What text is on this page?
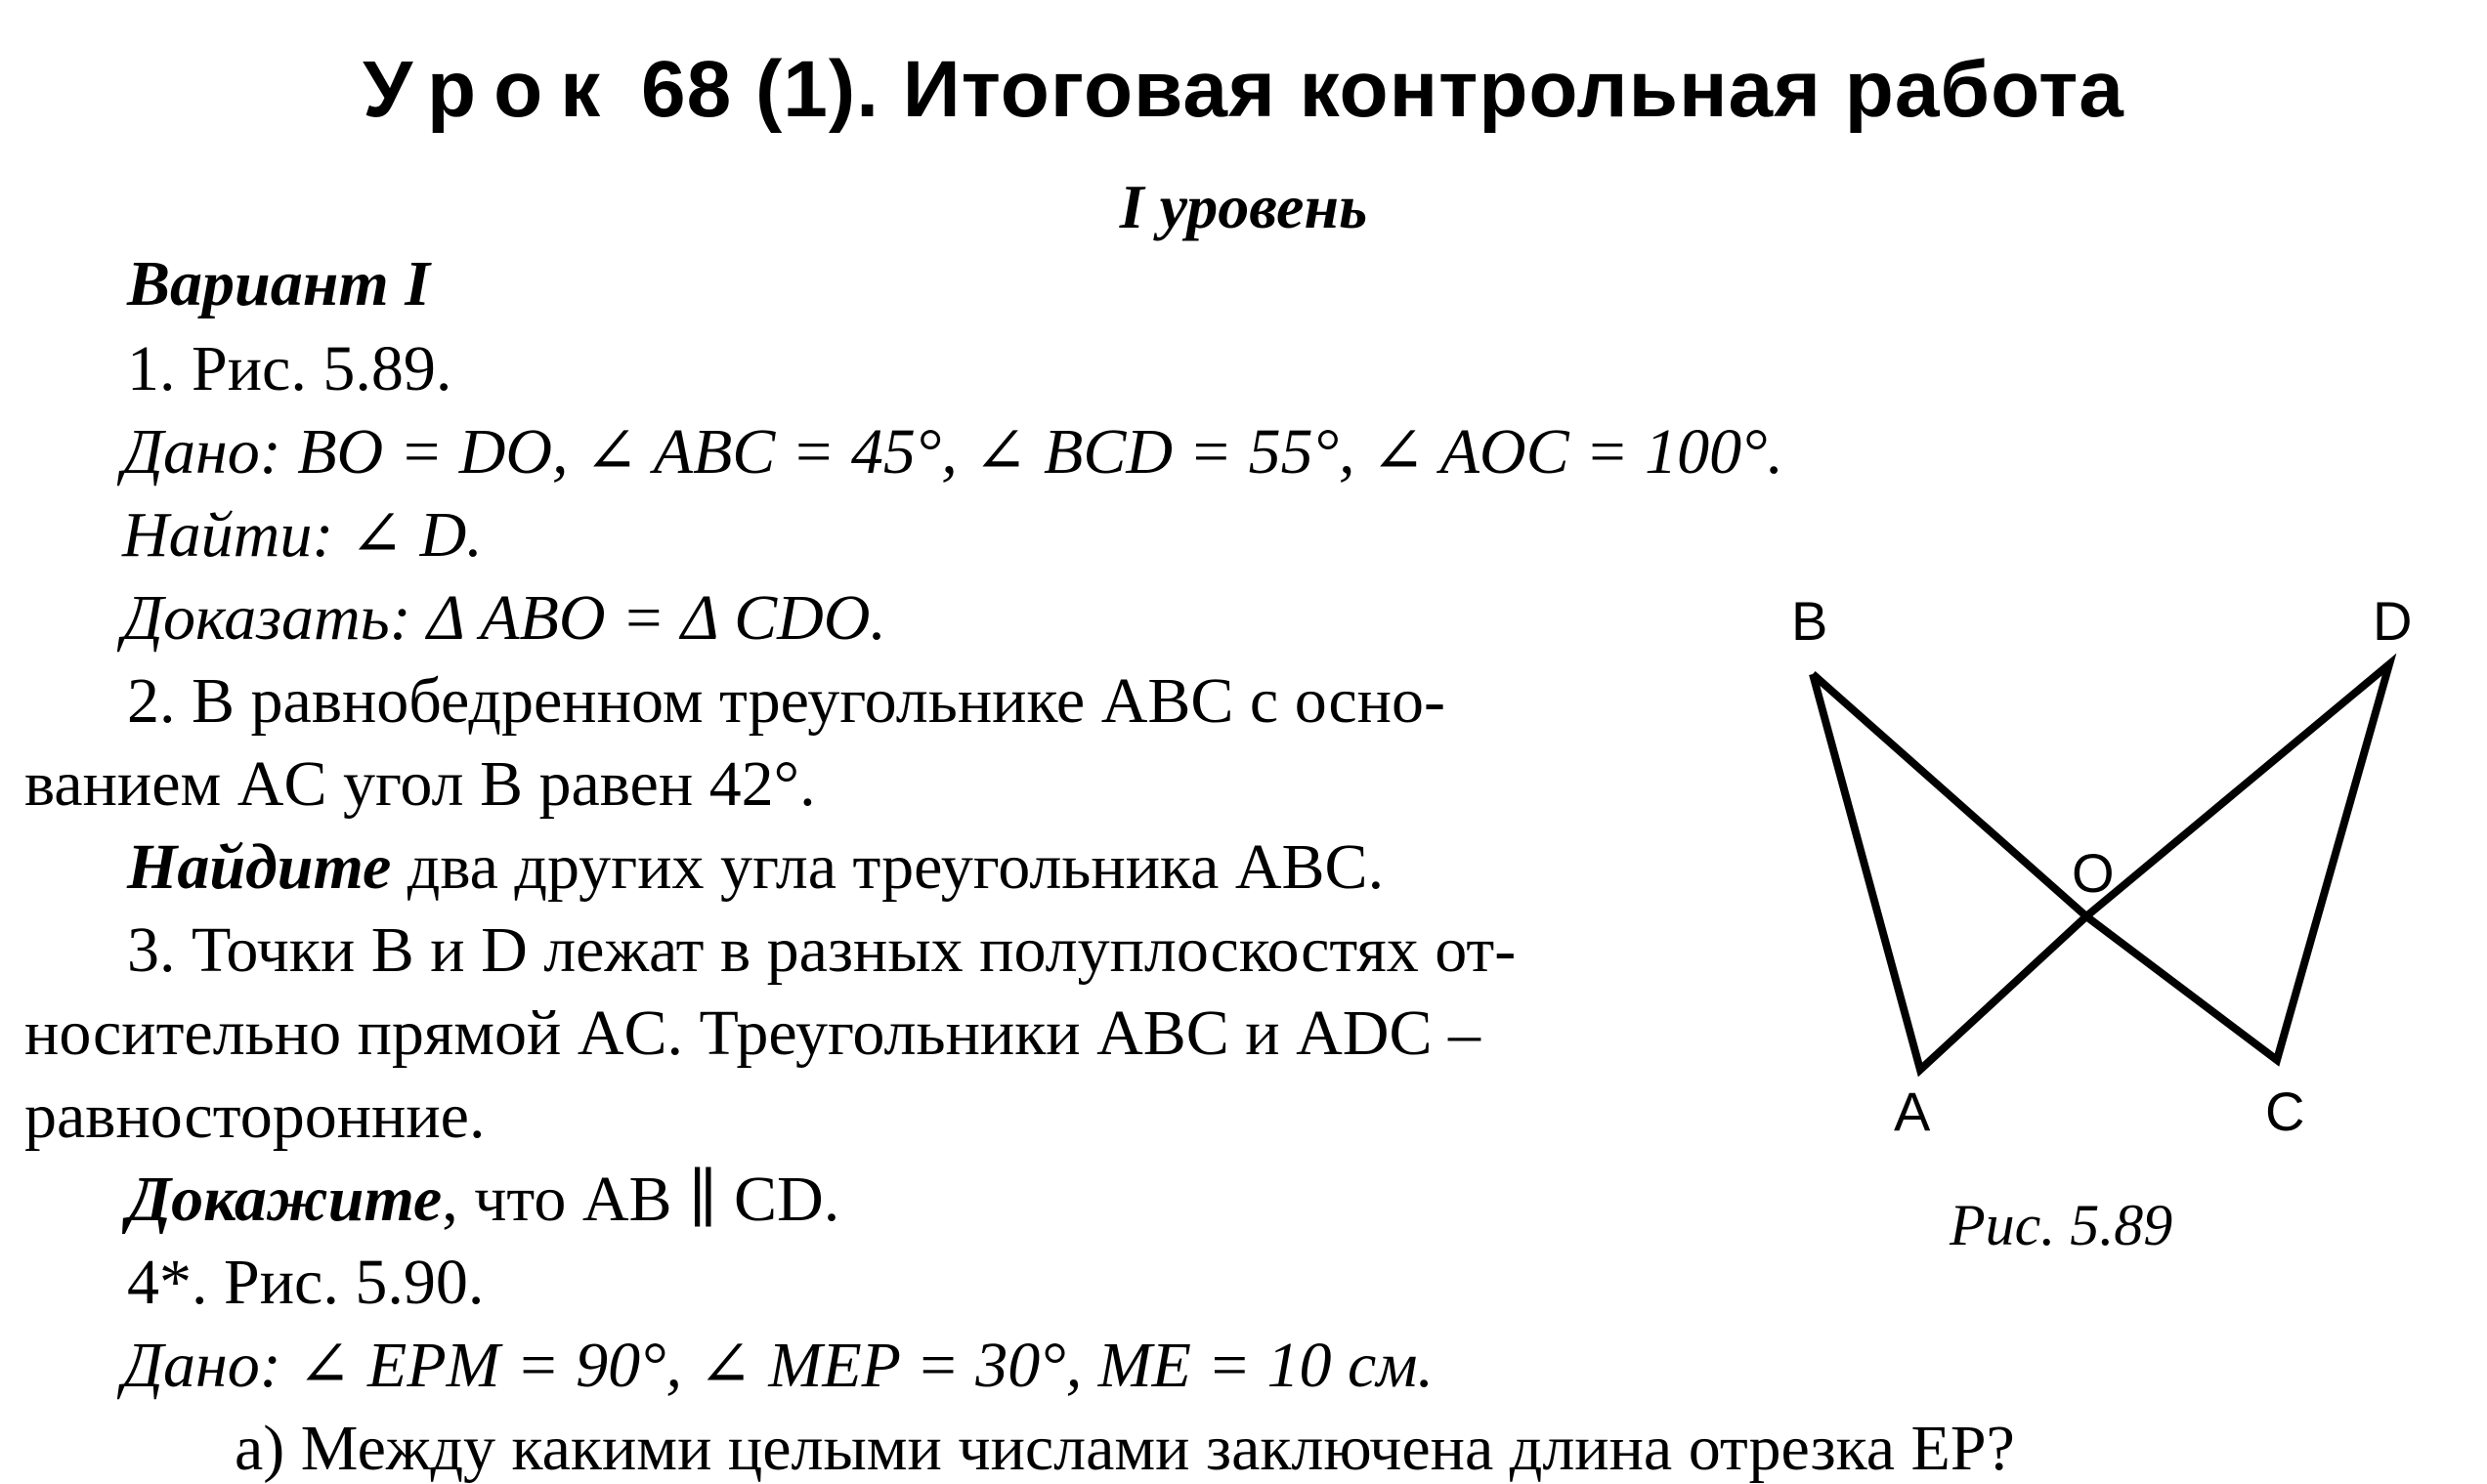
Урок 68 (1). Итоговая контрольная работа
I уровень
Вариант I
1. Рис. 5.89.
Дано: BO = DO, ∠ ABC = 45°, ∠ BCD = 55°, ∠ AOC = 100°.
Найти: ∠ D.
Доказать: Δ ABO = Δ CDO.
2. В равнобедренном треугольнике ABC с осно-
ванием AC угол B равен 42°.
Найдите два других угла треугольника ABC.
3. Точки B и D лежат в разных полуплоскостях от-
носительно прямой AC. Треугольники ABC и ADC –
равносторонние.
Докажите, что AB ∥ CD.
4*. Рис. 5.90.
Дано: ∠ EPM = 90°, ∠ MEP = 30°, ME = 10 см.
а) Между какими целыми числами заключена длина отрезка EP?
B	D
O
A	C
Рис. 5.89
